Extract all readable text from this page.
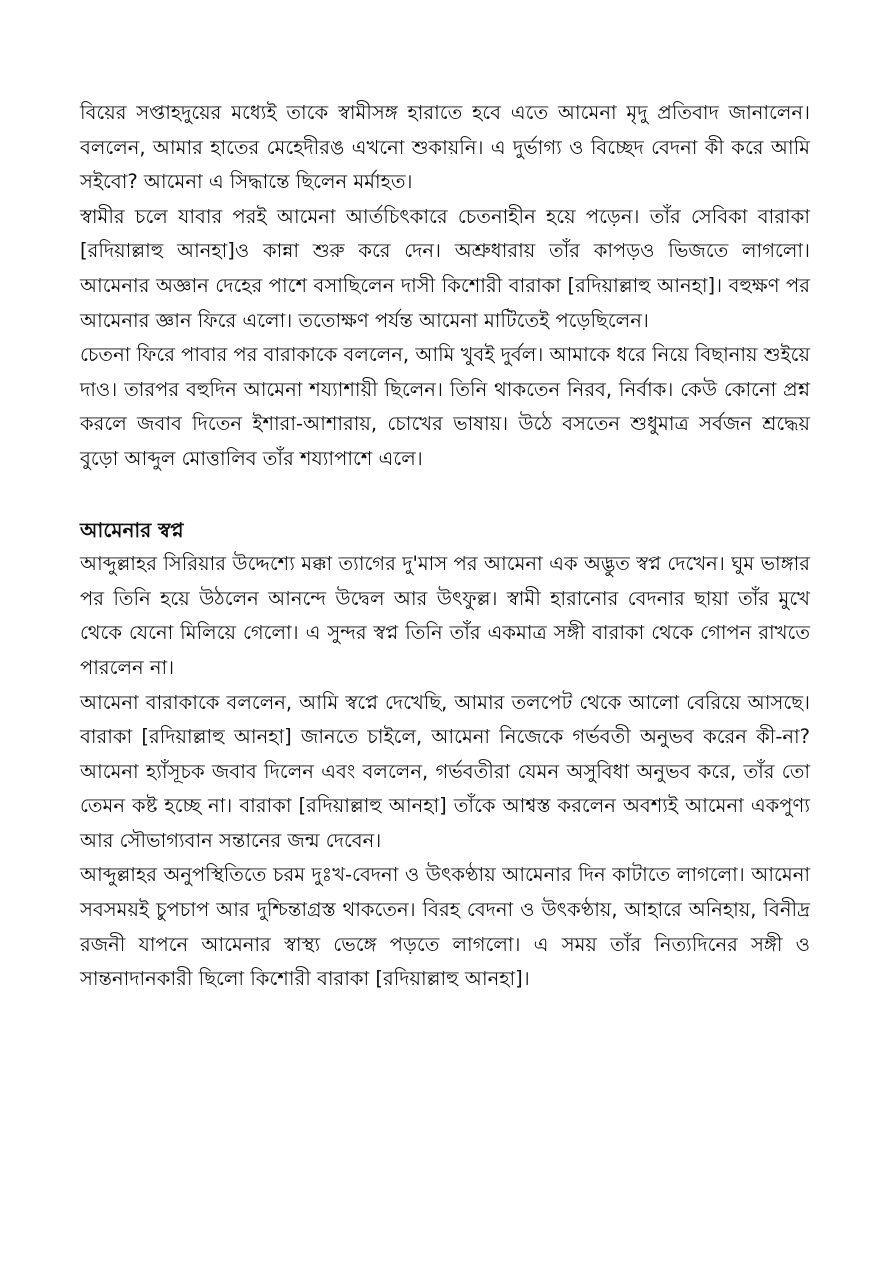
বিয়ের সপ্তাহদুয়ের মধ্যেই তাকে স্বামীসঙ্গ হারাতে হবে এতে আমেনা মৃদু প্রতিবাদ জানালেন। বললেন, আমার হাতের মেহেদীরঙ এখনো শুকায়নি। এ দুর্ভাগ্য ও বিচ্ছেদ বেদনা কী করে আমি সইবো? আমেনা এ সিদ্ধান্তে ছিলেন মর্মাহত।

স্বামীর চলে যাবার পরই আমেনা আর্তচিৎকারে চেতনাহীন হয়ে পড়েন। তাঁর সেবিকা বারাকা [রদিয়াল্লাহু আনহা]ও কান্না শুরু করে দেন। অশ্রুধারায় তাঁর কাপড়ও ভিজতে লাগলো। আমেনার অজ্ঞান দেহের পাশে বসাছিলেন দাসী কিশোরী বারাকা [রদিয়াল্লাহু আনহা]। বহুক্ষণ পর আমেনার জ্ঞান ফিরে এলো। ততোক্ষণ পর্যন্ত আমেনা মাটিতেই পড়েছিলেন।

চেতনা ফিরে পাবার পর বারাকাকে বললেন, আমি খুবই দুর্বল। আমাকে ধরে নিয়ে বিছানায় শুইয়ে দাও। তারপর বহুদিন আমেনা শয্যাশায়ী ছিলেন। তিনি থাকতেন নিরব, নির্বাক। কেউ কোনো প্রশ্ন করলে জবাব দিতেন ইশারা-আশারায়, চোখের ভাষায়। উঠে বসতেন শুধুমাত্র সর্বজন শ্রদ্ধেয় বুড়ো আব্দুল মোত্তালিব তাঁর শয্যাপাশে এলে।

আমেনার স্বপ্ন

আব্দুল্লাহর সিরিয়ার উদ্দেশ্যে মক্কা ত্যাগের দু'মাস পর আমেনা এক অদ্ভুত স্বপ্ন দেখেন। ঘুম ভাঙ্গার পর তিনি হয়ে উঠলেন আনন্দে উদ্বেল আর উৎফুল্ল। স্বামী হারানোর বেদনার ছায়া তাঁর মুখে থেকে যেনো মিলিয়ে গেলো। এ সুন্দর স্বপ্ন তিনি তাঁর একমাত্র সঙ্গী বারাকা থেকে গোপন রাখতে পারলেন না।

আমেনা বারাকাকে বললেন, আমি স্বপ্নে দেখেছি, আমার তলপেট থেকে আলো বেরিয়ে আসছে। বারাকা [রদিয়াল্লাহু আনহা] জানতে চাইলে, আমেনা নিজেকে গর্ভবতী অনুভব করেন কী-না? আমেনা হ্যাঁসূচক জবাব দিলেন এবং বললেন, গর্ভবতীরা যেমন অসুবিধা অনুভব করে, তাঁর তো তেমন কষ্ট হচ্ছে না। বারাকা [রদিয়াল্লাহু আনহা] তাঁকে আশ্বস্ত করলেন অবশ্যই আমেনা একপুণ্য আর সৌভাগ্যবান সন্তানের জন্ম দেবেন।

আব্দুল্লাহর অনুপস্থিতিতে চরম দুঃখ-বেদনা ও উৎকণ্ঠায় আমেনার দিন কাটাতে লাগলো। আমেনা সবসময়ই চুপচাপ আর দুশ্চিন্তাগ্রস্ত থাকতেন। বিরহ বেদনা ও উৎকণ্ঠায়, আহারে অনিহায়, বিনীদ্র রজনী যাপনে আমেনার স্বাস্থ্য ভেঙ্গে পড়তে লাগলো। এ সময় তাঁর নিত্যদিনের সঙ্গী ও সান্তনাদানকারী ছিলো কিশোরী বারাকা [রদিয়াল্লাহু আনহা]।
